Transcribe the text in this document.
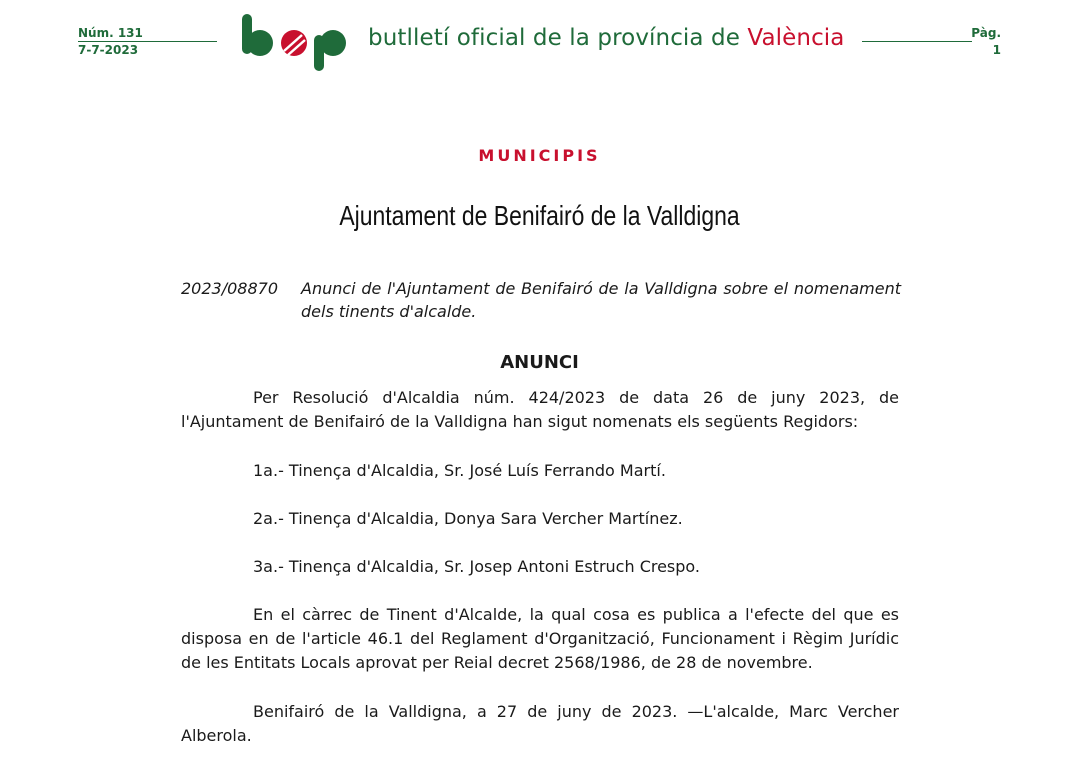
Núm. 131
7-7-2023	butlletí oficial de la província de València	Pàg.
1
MUNICIPIS
Ajuntament de Benifairó de la Valldigna
2023/08870 Anunci de l'Ajuntament de Benifairó de la Valldigna sobre el nomenament dels tinents d'alcalde.
ANUNCI
Per Resolució d'Alcaldia núm. 424/2023 de data 26 de juny 2023, de l'Ajuntament de Benifairó de la Valldigna han sigut nomenats els següents Regidors:
1a.- Tinença d'Alcaldia, Sr. José Luís Ferrando Martí.
2a.- Tinença d'Alcaldia, Donya Sara Vercher Martínez.
3a.- Tinença d'Alcaldia, Sr. Josep Antoni Estruch Crespo.
En el càrrec de Tinent d'Alcalde, la qual cosa es publica a l'efecte del que es disposa en de l'article 46.1 del Reglament d'Organització, Funcionament i Règim Jurídic de les Entitats Locals aprovat per Reial decret 2568/1986, de 28 de novembre.
Benifairó de la Valldigna, a 27 de juny de 2023. —L'alcalde, Marc Vercher Alberola.
